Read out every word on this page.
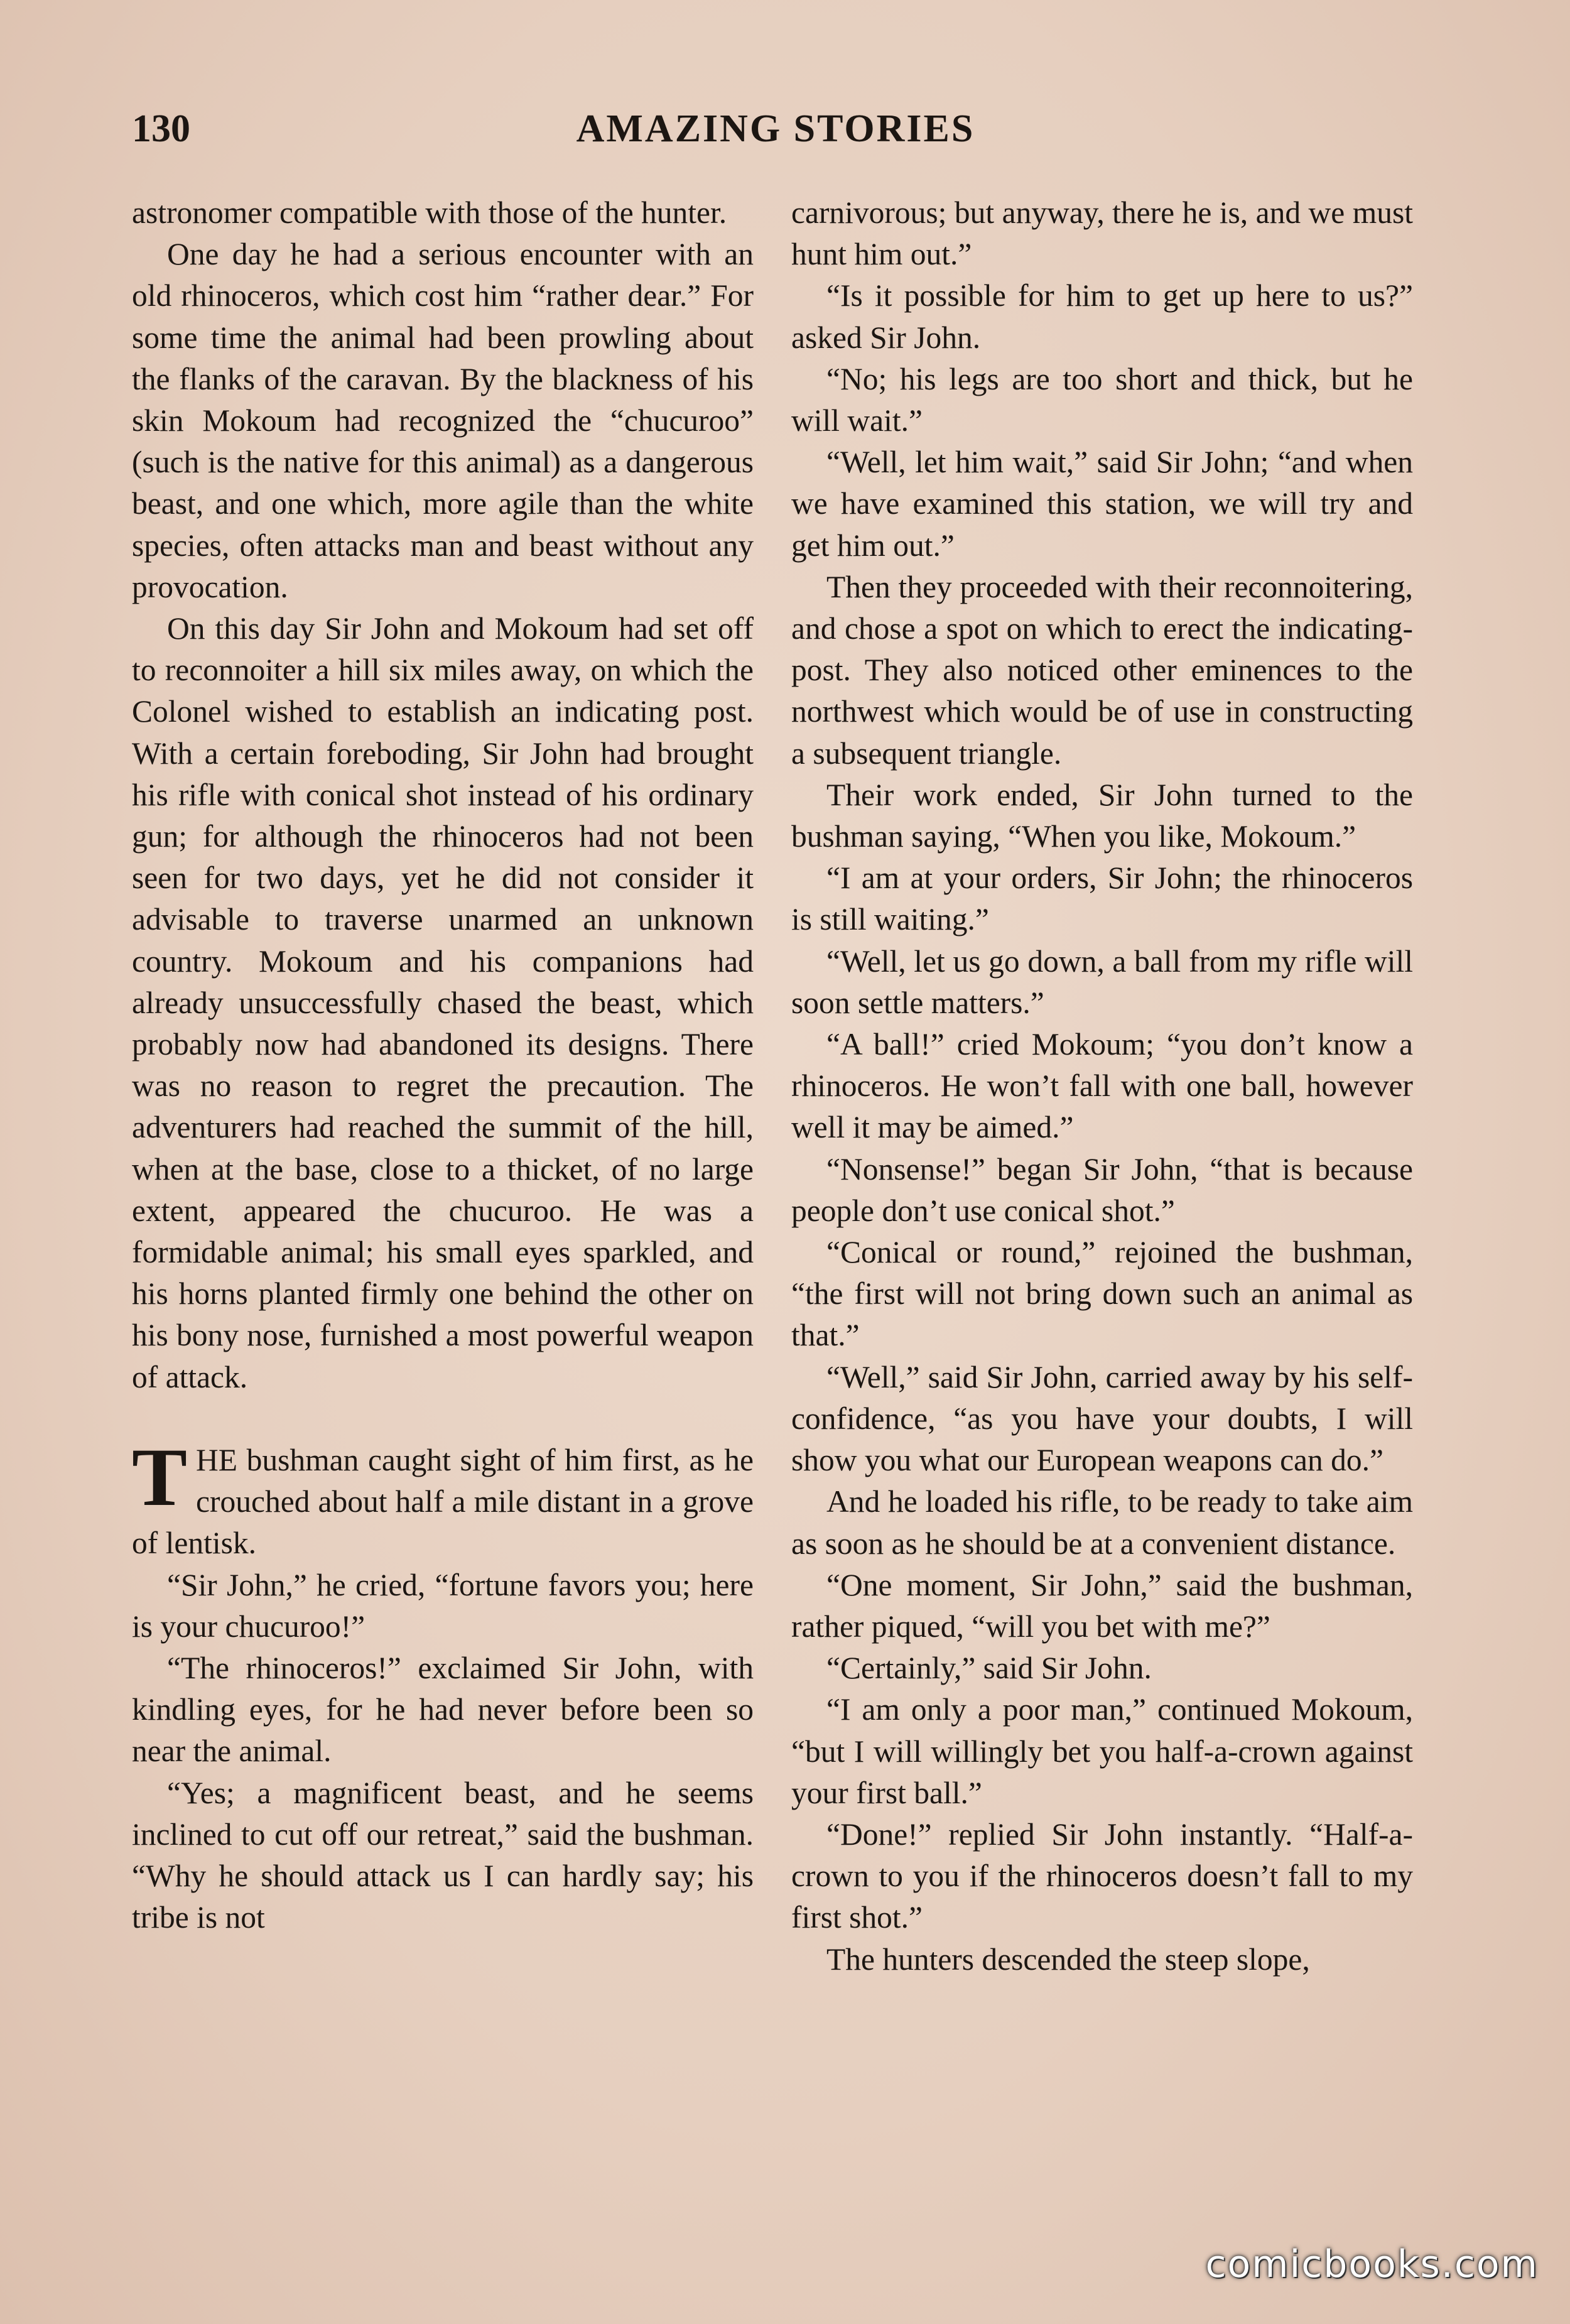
130	AMAZING STORIES

astronomer compatible with those of the hunter.

One day he had a serious encounter with an old rhinoceros, which cost him “rather dear.” For some time the animal had been prowling about the flanks of the caravan. By the blackness of his skin Mokoum had recognized the “chucuroo” (such is the native for this animal) as a dangerous beast, and one which, more agile than the white species, often attacks man and beast without any provocation.

On this day Sir John and Mokoum had set off to reconnoiter a hill six miles away, on which the Colonel wished to establish an indicating post. With a certain foreboding, Sir John had brought his rifle with conical shot instead of his ordinary gun; for although the rhinoceros had not been seen for two days, yet he did not consider it advisable to traverse unarmed an unknown country. Mokoum and his companions had already unsuccessfully chased the beast, which probably now had abandoned its designs. There was no reason to regret the precaution. The adventurers had reached the summit of the hill, when at the base, close to a thicket, of no large extent, appeared the chucuroo. He was a formidable animal; his small eyes sparkled, and his horns planted firmly one behind the other on his bony nose, furnished a most powerful weapon of attack.

THE bushman caught sight of him first, as he crouched about half a mile distant in a grove of lentisk.

“Sir John,” he cried, “fortune favors you; here is your chucuroo!”

“The rhinoceros!” exclaimed Sir John, with kindling eyes, for he had never before been so near the animal.

“Yes; a magnificent beast, and he seems inclined to cut off our retreat,” said the bushman. “Why he should attack us I can hardly say; his tribe is not

carnivorous; but anyway, there he is, and we must hunt him out.”

“Is it possible for him to get up here to us?” asked Sir John.

“No; his legs are too short and thick, but he will wait.”

“Well, let him wait,” said Sir John; “and when we have examined this station, we will try and get him out.”

Then they proceeded with their reconnoitering, and chose a spot on which to erect the indicating-post. They also noticed other eminences to the northwest which would be of use in constructing a subsequent triangle.

Their work ended, Sir John turned to the bushman saying, “When you like, Mokoum.”

“I am at your orders, Sir John; the rhinoceros is still waiting.”

“Well, let us go down, a ball from my rifle will soon settle matters.”

“A ball!” cried Mokoum; “you don’t know a rhinoceros. He won’t fall with one ball, however well it may be aimed.”

“Nonsense!” began Sir John, “that is because people don’t use conical shot.”

“Conical or round,” rejoined the bushman, “the first will not bring down such an animal as that.”

“Well,” said Sir John, carried away by his self-confidence, “as you have your doubts, I will show you what our European weapons can do.”

And he loaded his rifle, to be ready to take aim as soon as he should be at a convenient distance.

“One moment, Sir John,” said the bushman, rather piqued, “will you bet with me?”

“Certainly,” said Sir John.

“I am only a poor man,” continued Mokoum, “but I will willingly bet you half-a-crown against your first ball.”

“Done!” replied Sir John instantly. “Half-a-crown to you if the rhinoceros doesn’t fall to my first shot.”

The hunters descended the steep slope,

comicbooks.com
